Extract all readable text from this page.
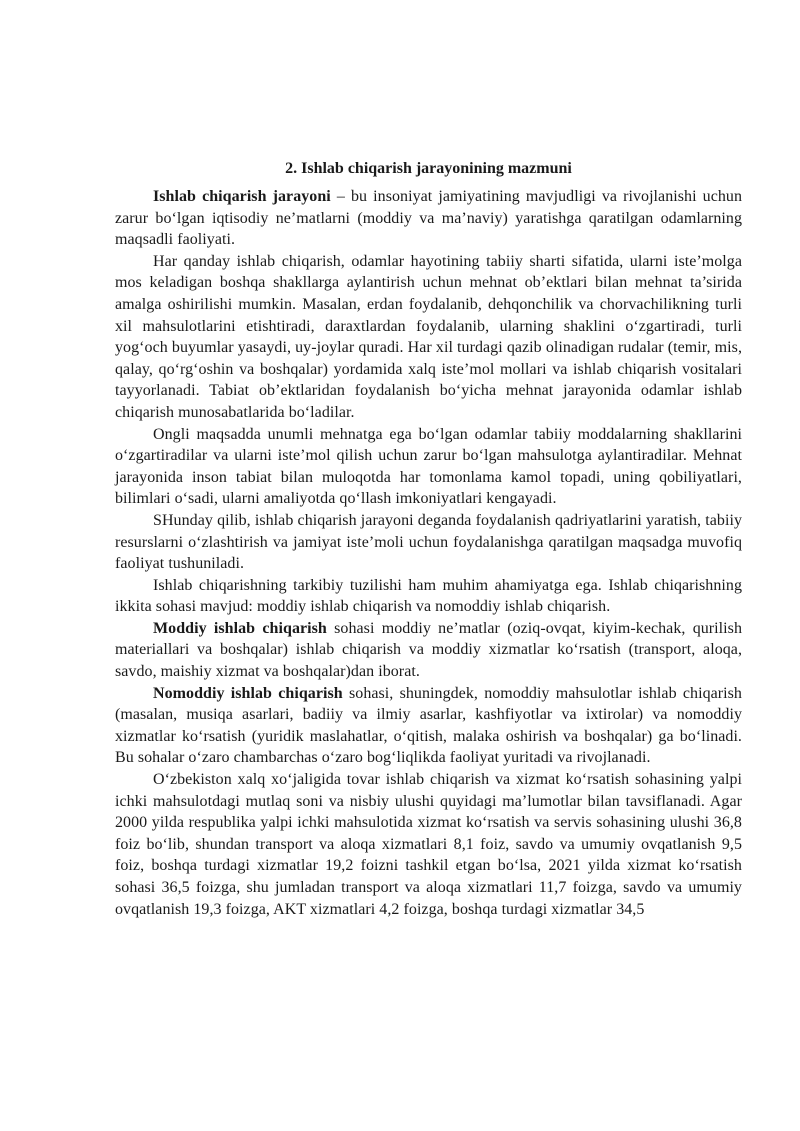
2. Ishlab chiqarish jarayonining mazmuni

Ishlab chiqarish jarayoni – bu insoniyat jamiyatining mavjudligi va rivojlanishi uchun zarur bo‘lgan iqtisodiy ne’matlarni (moddiy va ma’naviy) yaratishga qaratilgan odamlarning maqsadli faoliyati.

Har qanday ishlab chiqarish, odamlar hayotining tabiiy sharti sifatida, ularni iste’molga mos keladigan boshqa shakllarga aylantirish uchun mehnat ob’ektlari bilan mehnat ta’sirida amalga oshirilishi mumkin. Masalan, erdan foydalanib, dehqonchilik va chorvachilikning turli xil mahsulotlarini etishtiradi, daraxtlardan foydalanib, ularning shaklini o‘zgartiradi, turli yog‘och buyumlar yasaydi, uy-joylar quradi. Har xil turdagi qazib olinadigan rudalar (temir, mis, qalay, qo‘rg‘oshin va boshqalar) yordamida xalq iste’mol mollari va ishlab chiqarish vositalari tayyorlanadi. Tabiat ob’ektlaridan foydalanish bo‘yicha mehnat jarayonida odamlar ishlab chiqarish munosabatlarida bo‘ladilar.

Ongli maqsadda unumli mehnatga ega bo‘lgan odamlar tabiiy moddalarning shakllarini o‘zgartiradilar va ularni iste’mol qilish uchun zarur bo‘lgan mahsulotga aylantiradilar. Mehnat jarayonida inson tabiat bilan muloqotda har tomonlama kamol topadi, uning qobiliyatlari, bilimlari o‘sadi, ularni amaliyotda qo‘llash imkoniyatlari kengayadi.

SHunday qilib, ishlab chiqarish jarayoni deganda foydalanish qadriyatlarini yaratish, tabiiy resurslarni o‘zlashtirish va jamiyat iste’moli uchun foydalanishga qaratilgan maqsadga muvofiq faoliyat tushuniladi.

Ishlab chiqarishning tarkibiy tuzilishi ham muhim ahamiyatga ega. Ishlab chiqarishning ikkita sohasi mavjud: moddiy ishlab chiqarish va nomoddiy ishlab chiqarish.

Moddiy ishlab chiqarish sohasi moddiy ne’matlar (oziq-ovqat, kiyim-kechak, qurilish materiallari va boshqalar) ishlab chiqarish va moddiy xizmatlar ko‘rsatish (transport, aloqa, savdo, maishiy xizmat va boshqalar)dan iborat.

Nomoddiy ishlab chiqarish sohasi, shuningdek, nomoddiy mahsulotlar ishlab chiqarish (masalan, musiqa asarlari, badiiy va ilmiy asarlar, kashfiyotlar va ixtirolar) va nomoddiy xizmatlar ko‘rsatish (yuridik maslahatlar, o‘qitish, malaka oshirish va boshqalar) ga bo‘linadi. Bu sohalar o‘zaro chambarchas o‘zaro bog‘liqlikda faoliyat yuritadi va rivojlanadi.

O‘zbekiston xalq xo‘jaligida tovar ishlab chiqarish va xizmat ko‘rsatish sohasining yalpi ichki mahsulotdagi mutlaq soni va nisbiy ulushi quyidagi ma’lumotlar bilan tavsiflanadi. Agar 2000 yilda respublika yalpi ichki mahsulotida xizmat ko‘rsatish va servis sohasining ulushi 36,8 foiz bo‘lib, shundan transport va aloqa xizmatlari 8,1 foiz, savdo va umumiy ovqatlanish 9,5 foiz, boshqa turdagi xizmatlar 19,2 foizni tashkil etgan bo‘lsa, 2021 yilda xizmat ko‘rsatish sohasi 36,5 foizga, shu jumladan transport va aloqa xizmatlari 11,7 foizga, savdo va umumiy ovqatlanish 19,3 foizga, AKT xizmatlari 4,2 foizga, boshqa turdagi xizmatlar 34,5
